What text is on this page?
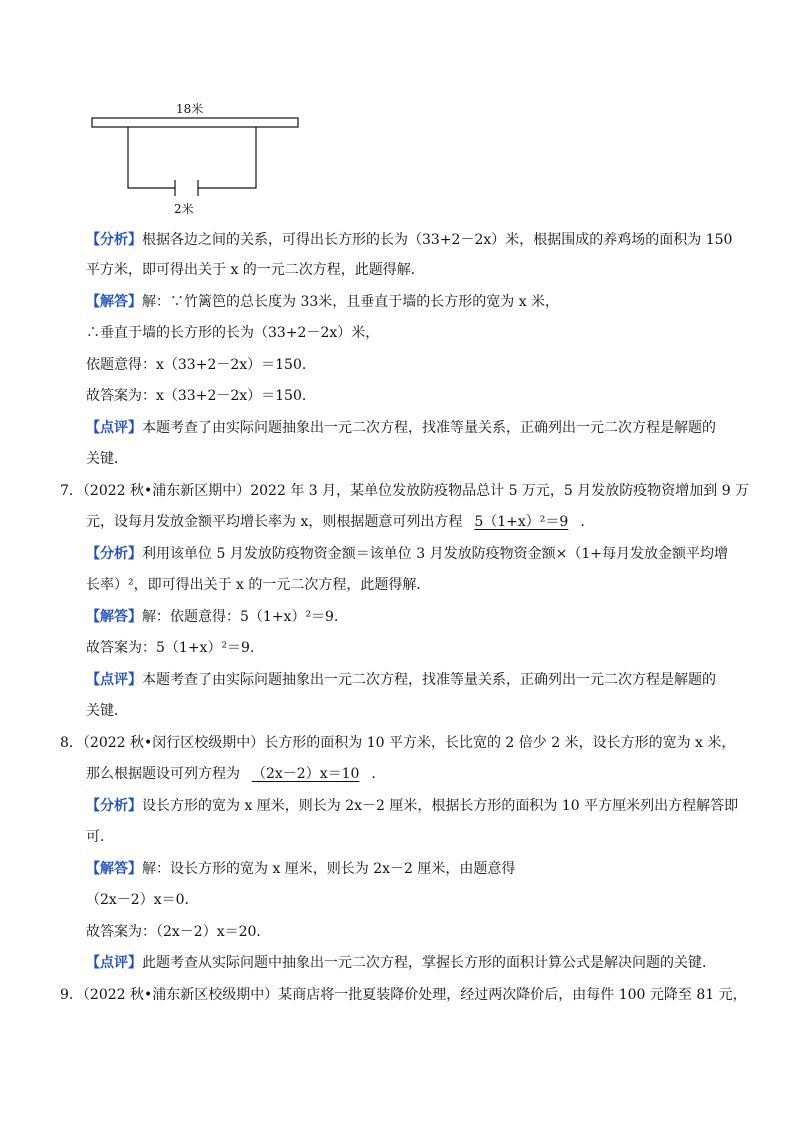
18米
2米
【分析】根据各边之间的关系，可得出长方形的长为（33+2－2x）米，根据围成的养鸡场的面积为 150
平方米，即可得出关于 x 的一元二次方程，此题得解．
【解答】解：∵竹篱笆的总长度为 33米，且垂直于墙的长方形的宽为 x 米，
∴垂直于墙的长方形的长为（33+2－2x）米，
依题意得：x（33+2－2x）＝150．
故答案为：x（33+2－2x）＝150．
【点评】本题考查了由实际问题抽象出一元二次方程，找准等量关系，正确列出一元二次方程是解题的
关键．
7．（2022 秋•浦东新区期中）2022 年 3 月，某单位发放防疫物品总计 5 万元，5 月发放防疫物资增加到 9 万
元，设每月发放金额平均增长率为 x，则根据题意可列出方程 5（1+x）²＝9 ．
【分析】利用该单位 5 月发放防疫物资金额＝该单位 3 月发放防疫物资金额×（1+每月发放金额平均增
长率）²，即可得出关于 x 的一元二次方程，此题得解．
【解答】解：依题意得：5（1+x）²＝9．
故答案为：5（1+x）²＝9．
【点评】本题考查了由实际问题抽象出一元二次方程，找准等量关系，正确列出一元二次方程是解题的
关键．
8．（2022 秋•闵行区校级期中）长方形的面积为 10 平方米，长比宽的 2 倍少 2 米，设长方形的宽为 x 米，
那么根据题设可列方程为 （2x－2）x＝10 ．
【分析】设长方形的宽为 x 厘米，则长为 2x－2 厘米，根据长方形的面积为 10 平方厘米列出方程解答即
可．
【解答】解：设长方形的宽为 x 厘米，则长为 2x－2 厘米，由题意得
（2x－2）x＝0．
故答案为：（2x－2）x＝20．
【点评】此题考查从实际问题中抽象出一元二次方程，掌握长方形的面积计算公式是解决问题的关键．
9．（2022 秋•浦东新区校级期中）某商店将一批夏装降价处理，经过两次降价后，由每件 100 元降至 81 元，
